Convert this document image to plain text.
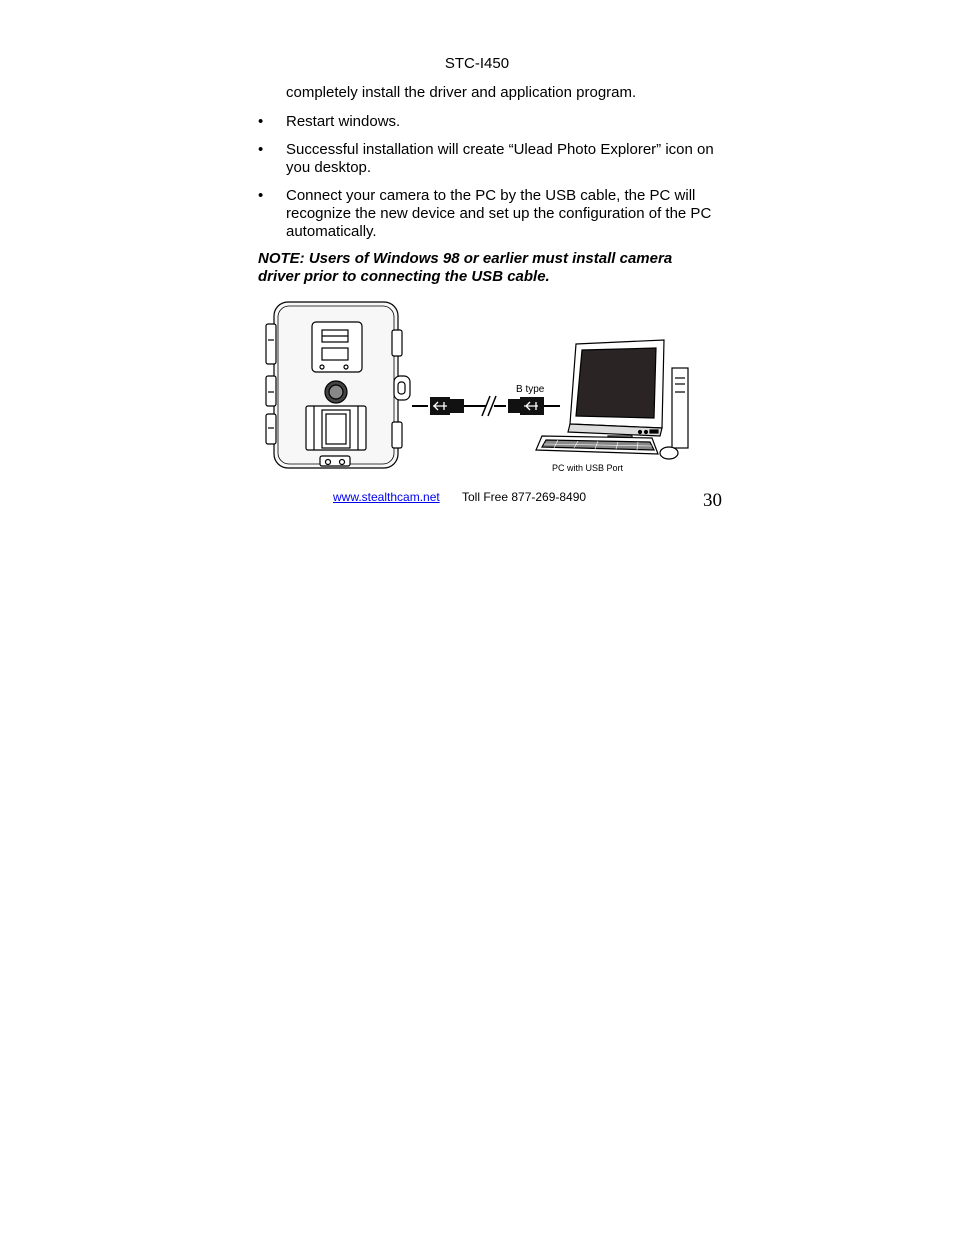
STC-I450
completely install the driver and application program.
•	Restart windows.
•	Successful installation will create “Ulead Photo Explorer” icon on you desktop.
•	Connect your camera to the PC by the USB cable, the PC will recognize the new device and set up the configuration of the PC automatically.
NOTE: Users of Windows 98 or earlier must install camera driver prior to connecting the USB cable.
B type
PC with USB Port
www.stealthcam.net Toll Free 877-269-8490	30
